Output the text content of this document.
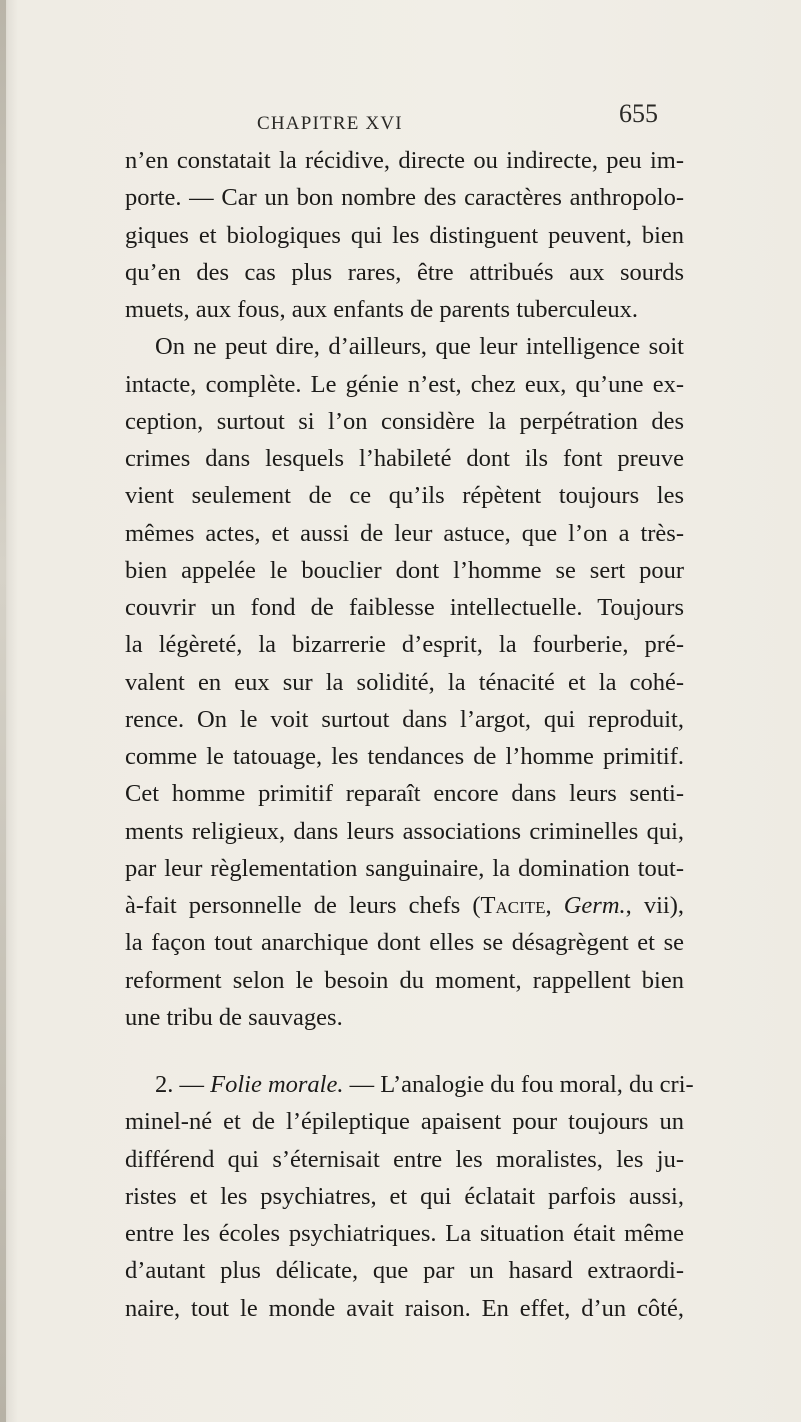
CHAPITRE XVI	655
n’en constatait la récidive, directe ou indirecte, peu im-
porte. — Car un bon nombre des caractères anthropolo-
giques et biologiques qui les distinguent peuvent, bien
qu’en des cas plus rares, être attribués aux sourds
muets, aux fous, aux enfants de parents tuberculeux.
On ne peut dire, d’ailleurs, que leur intelligence soit
intacte, complète. Le génie n’est, chez eux, qu’une ex-
ception, surtout si l’on considère la perpétration des
crimes dans lesquels l’habileté dont ils font preuve
vient seulement de ce qu’ils répètent toujours les
mêmes actes, et aussi de leur astuce, que l’on a très-
bien appelée le bouclier dont l’homme se sert pour
couvrir un fond de faiblesse intellectuelle. Toujours
la légèreté, la bizarrerie d’esprit, la fourberie, pré-
valent en eux sur la solidité, la ténacité et la cohé-
rence. On le voit surtout dans l’argot, qui reproduit,
comme le tatouage, les tendances de l’homme primitif.
Cet homme primitif reparaît encore dans leurs senti-
ments religieux, dans leurs associations criminelles qui,
par leur règlementation sanguinaire, la domination tout-
à-fait personnelle de leurs chefs (Tacite, Germ., vii),
la façon tout anarchique dont elles se désagrègent et se
reforment selon le besoin du moment, rappellent bien
une tribu de sauvages.
2. — Folie morale. — L’analogie du fou moral, du cri-
minel-né et de l’épileptique apaisent pour toujours un
différend qui s’éternisait entre les moralistes, les ju-
ristes et les psychiatres, et qui éclatait parfois aussi,
entre les écoles psychiatriques. La situation était même
d’autant plus délicate, que par un hasard extraordi-
naire, tout le monde avait raison. En effet, d’un côté,
